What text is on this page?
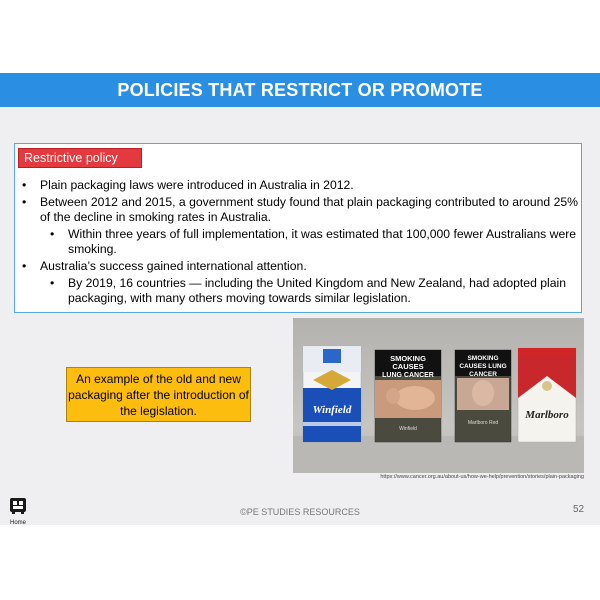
POLICIES THAT RESTRICT OR PROMOTE
Restrictive policy
• Plain packaging laws were introduced in Australia in 2012.
• Between 2012 and 2015, a government study found that plain packaging contributed to around 25% of the decline in smoking rates in Australia.
• Within three years of full implementation, it was estimated that 100,000 fewer Australians were smoking.
• Australia’s success gained international attention.
• By 2019, 16 countries — including the United Kingdom and New Zealand, had adopted plain packaging, with many others moving towards similar legislation.
An example of the old and new packaging after the introduction of the legislation.	Winfield
SMOKING
CAUSES
LUNG CANCER
Winfield
SMOKING
CAUSES LUNG
CANCER
Marlboro Red
Marlboro
https://www.cancer.org.au/about-us/how-we-help/prevention/stories/plain-packaging
Home
©PE STUDIES RESOURCES	52
